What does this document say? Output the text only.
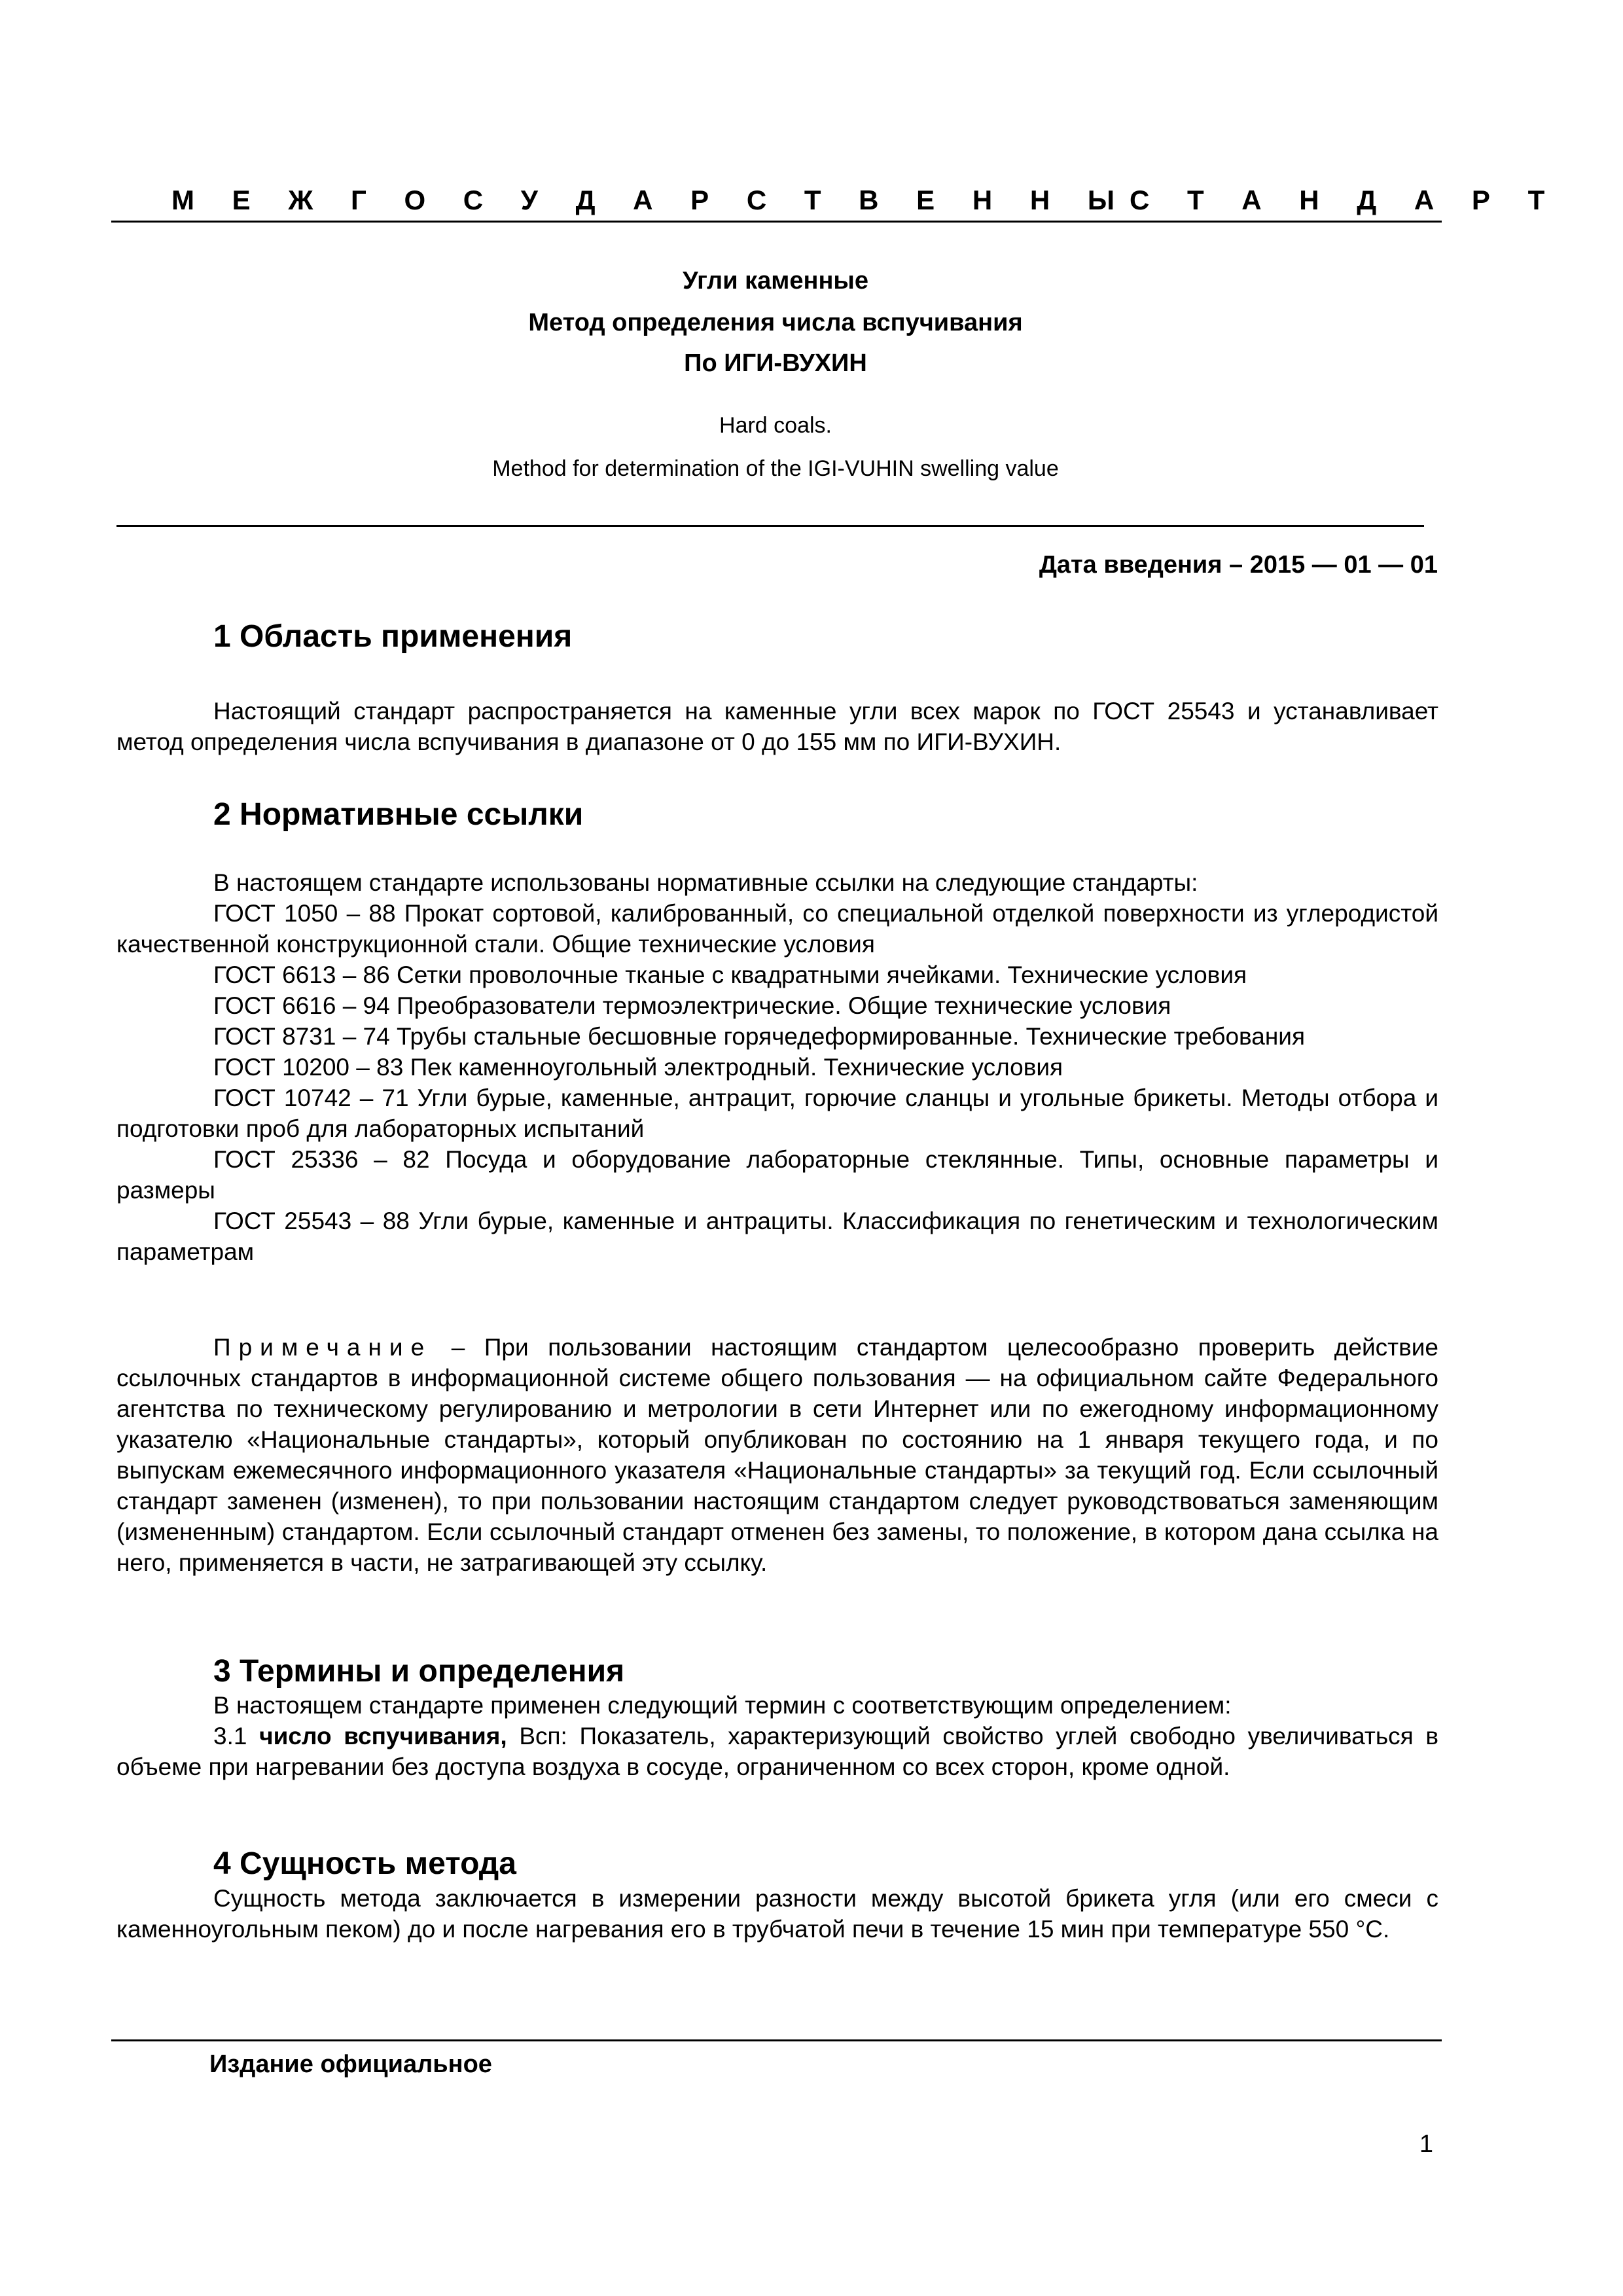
М Е Ж Г О С У Д А Р С Т В Е Н Н Ы С Т А Н Д А Р Т
Угли каменные
Метод определения числа вспучивания
По ИГИ-ВУХИН
Hard coals.
Method for determination of the IGI-VUHIN swelling value
Дата введения – 2015 — 01 — 01
1 Область применения

Настоящий стандарт распространяется на каменные угли всех марок по ГОСТ 25543 и устанавливает метод определения числа вспучивания в диапазоне от 0 до 155 мм по ИГИ-ВУХИН.

2 Нормативные ссылки

В настоящем стандарте использованы нормативные ссылки на следующие стандарты:

ГОСТ 1050 – 88 Прокат сортовой, калиброванный, со специальной отделкой поверхности из углеродистой качественной конструкционной стали. Общие технические условия

ГОСТ 6613 – 86 Сетки проволочные тканые с квадратными ячейками. Технические условия

ГОСТ 6616 – 94 Преобразователи термоэлектрические. Общие технические условия

ГОСТ 8731 – 74 Трубы стальные бесшовные горячедеформированные. Технические требования

ГОСТ 10200 – 83 Пек каменноугольный электродный. Технические условия

ГОСТ 10742 – 71 Угли бурые, каменные, антрацит, горючие сланцы и угольные брикеты. Методы отбора и подготовки проб для лабораторных испытаний

ГОСТ 25336 – 82 Посуда и оборудование лабораторные стеклянные. Типы, основные параметры и размеры

ГОСТ 25543 – 88 Угли бурые, каменные и антрациты. Классификация по генетическим и технологическим параметрам

Примечание – При пользовании настоящим стандартом целесообразно проверить действие ссылочных стандартов в информационной системе общего пользования — на официальном сайте Федерального агентства по техническому регулированию и метрологии в сети Интернет или по ежегодному информационному указателю «Национальные стандарты», который опубликован по состоянию на 1 января текущего года, и по выпускам ежемесячного информационного указателя «Национальные стандарты» за текущий год. Если ссылочный стандарт заменен (изменен), то при пользовании настоящим стандартом следует руководствоваться заменяющим (измененным) стандартом. Если ссылочный стандарт отменен без замены, то положение, в котором дана ссылка на него, применяется в части, не затрагивающей эту ссылку.

3 Термины и определения

В настоящем стандарте применен следующий термин с соответствующим определением:

3.1 число вспучивания, Всп: Показатель, характеризующий свойство углей свободно увеличиваться в объеме при нагревании без доступа воздуха в сосуде, ограниченном со всех сторон, кроме одной.

4 Сущность метода

Сущность метода заключается в измерении разности между высотой брикета угля (или его смеси с каменноугольным пеком) до и после нагревания его в трубчатой печи в течение 15 мин при температуре 550 °С.

Издание официальное
1
